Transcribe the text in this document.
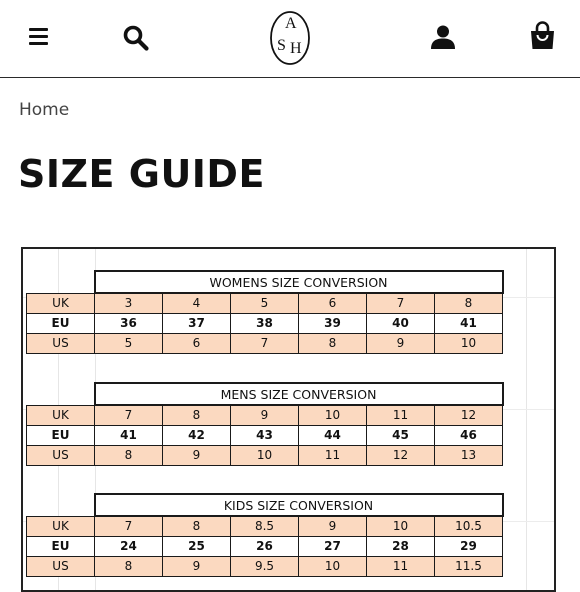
A
S H
Home
SIZE GUIDE
	WOMENS SIZE CONVERSION					
UK	3	4	5	6	7	8
EU	36	37	38	39	40	41
US	5	6	7	8	9	10
	MENS SIZE CONVERSION					
UK	7	8	9	10	11	12
EU	41	42	43	44	45	46
US	8	9	10	11	12	13
	KIDS SIZE CONVERSION					
UK	7	8	8.5	9	10	10.5
EU	24	25	26	27	28	29
US	8	9	9.5	10	11	11.5
